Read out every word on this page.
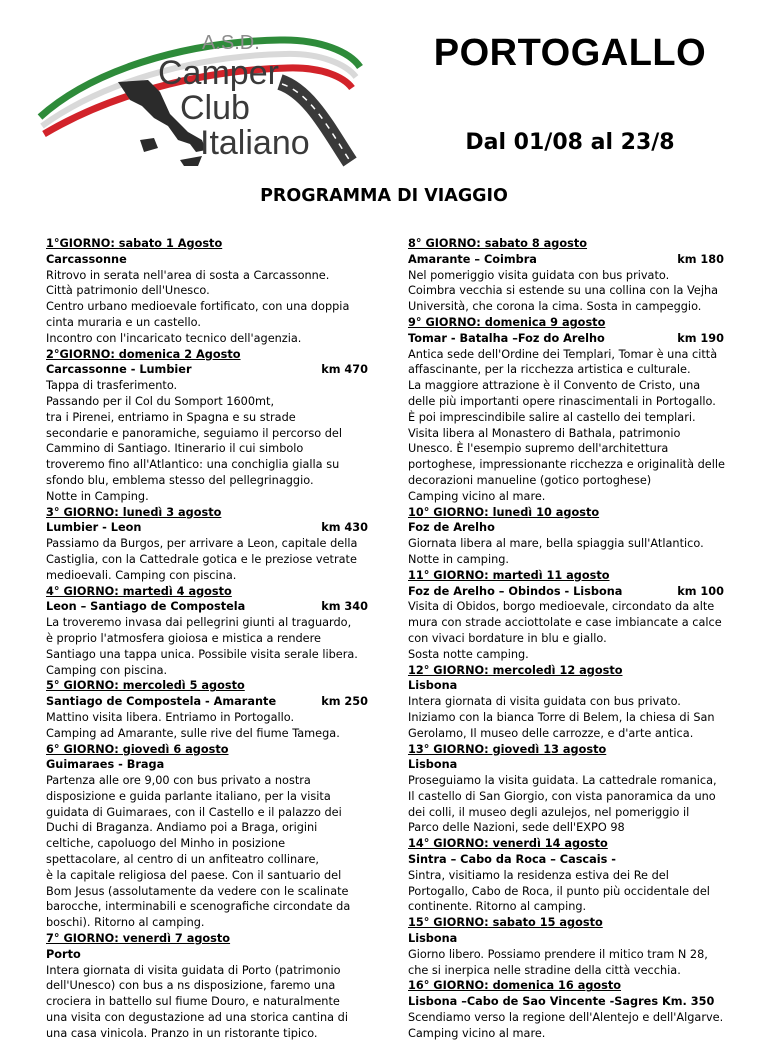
A.S.D.
Camper
Club
Italiano
PORTOGALLO
Dal 01/08 al 23/8
PROGRAMMA DI VIAGGIO
1°GIORNO: sabato 1 Agosto
Carcassonne
Ritrovo in serata nell'area di sosta a Carcassonne.
Città patrimonio dell'Unesco.
Centro urbano medioevale fortificato, con una doppia
cinta muraria e un castello.
Incontro con l'incaricato tecnico dell'agenzia.
2°GIORNO: domenica 2 Agosto
Carcassonne - Lumbier	km 470
Tappa di trasferimento.
Passando per il Col du Somport 1600mt,
tra i Pirenei, entriamo in Spagna e su strade
secondarie e panoramiche, seguiamo il percorso del
Cammino di Santiago. Itinerario il cui simbolo
troveremo fino all'Atlantico: una conchiglia gialla su
sfondo blu, emblema stesso del pellegrinaggio.
Notte in Camping.
3° GIORNO: lunedì 3 agosto
Lumbier - Leon	km 430
Passiamo da Burgos, per arrivare a Leon, capitale della
Castiglia, con la Cattedrale gotica e le preziose vetrate
medioevali. Camping con piscina.
4° GIORNO: martedì 4 agosto
Leon – Santiago de Compostela	km 340
La troveremo invasa dai pellegrini giunti al traguardo,
è proprio l'atmosfera gioiosa e mistica a rendere
Santiago una tappa unica. Possibile visita serale libera.
Camping con piscina.
5° GIORNO: mercoledì 5 agosto
Santiago de Compostela - Amarante	km 250
Mattino visita libera. Entriamo in Portogallo.
Camping ad Amarante, sulle rive del fiume Tamega.
6° GIORNO: giovedì 6 agosto
Guimaraes - Braga
Partenza alle ore 9,00 con bus privato a nostra
disposizione e guida parlante italiano, per la visita
guidata di Guimaraes, con il Castello e il palazzo dei
Duchi di Braganza. Andiamo poi a Braga, origini
celtiche, capoluogo del Minho in posizione
spettacolare, al centro di un anfiteatro collinare,
è la capitale religiosa del paese. Con il santuario del
Bom Jesus (assolutamente da vedere con le scalinate
barocche, interminabili e scenografiche circondate da
boschi). Ritorno al camping.
7° GIORNO: venerdì 7 agosto
Porto
Intera giornata di visita guidata di Porto (patrimonio
dell'Unesco) con bus a ns disposizione, faremo una
crociera in battello sul fiume Douro, e naturalmente
una visita con degustazione ad una storica cantina di
una casa vinicola. Pranzo in un ristorante tipico.
8° GIORNO: sabato 8 agosto
Amarante – Coimbra	km 180
Nel pomeriggio visita guidata con bus privato.
Coimbra vecchia si estende su una collina con la Vejha
Università, che corona la cima. Sosta in campeggio.
9° GIORNO: domenica 9 agosto
Tomar - Batalha –Foz do Arelho	km 190
Antica sede dell'Ordine dei Templari, Tomar è una città
affascinante, per la ricchezza artistica e culturale.
La maggiore attrazione è il Convento de Cristo, una
delle più importanti opere rinascimentali in Portogallo.
È poi imprescindibile salire al castello dei templari.
Visita libera al Monastero di Bathala, patrimonio
Unesco. È l'esempio supremo dell'architettura
portoghese, impressionante ricchezza e originalità delle
decorazioni manueline (gotico portoghese)
Camping vicino al mare.
10° GIORNO: lunedì 10 agosto
Foz de Arelho
Giornata libera al mare, bella spiaggia sull'Atlantico.
Notte in camping.
11° GIORNO: martedì 11 agosto
Foz de Arelho – Obindos - Lisbona	km 100
Visita di Obidos, borgo medioevale, circondato da alte
mura con strade acciottolate e case imbiancate a calce
con vivaci bordature in blu e giallo.
Sosta notte camping.
12° GIORNO: mercoledì 12 agosto
Lisbona
Intera giornata di visita guidata con bus privato.
Iniziamo con la bianca Torre di Belem, la chiesa di San
Gerolamo, Il museo delle carrozze, e d'arte antica.
13° GIORNO: giovedì 13 agosto
Lisbona
Proseguiamo la visita guidata. La cattedrale romanica,
Il castello di San Giorgio, con vista panoramica da uno
dei colli, il museo degli azulejos, nel pomeriggio il
Parco delle Nazioni, sede dell'EXPO 98
14° GIORNO: venerdì 14 agosto
Sintra – Cabo da Roca – Cascais -
Sintra, visitiamo la residenza estiva dei Re del
Portogallo, Cabo de Roca, il punto più occidentale del
continente. Ritorno al camping.
15° GIORNO: sabato 15 agosto
Lisbona
Giorno libero. Possiamo prendere il mitico tram N 28,
che si inerpica nelle stradine della città vecchia.
16° GIORNO: domenica 16 agosto
Lisbona –Cabo de Sao Vincente -Sagres Km. 350
Scendiamo verso la regione dell'Alentejo e dell'Algarve.
Camping vicino al mare.
